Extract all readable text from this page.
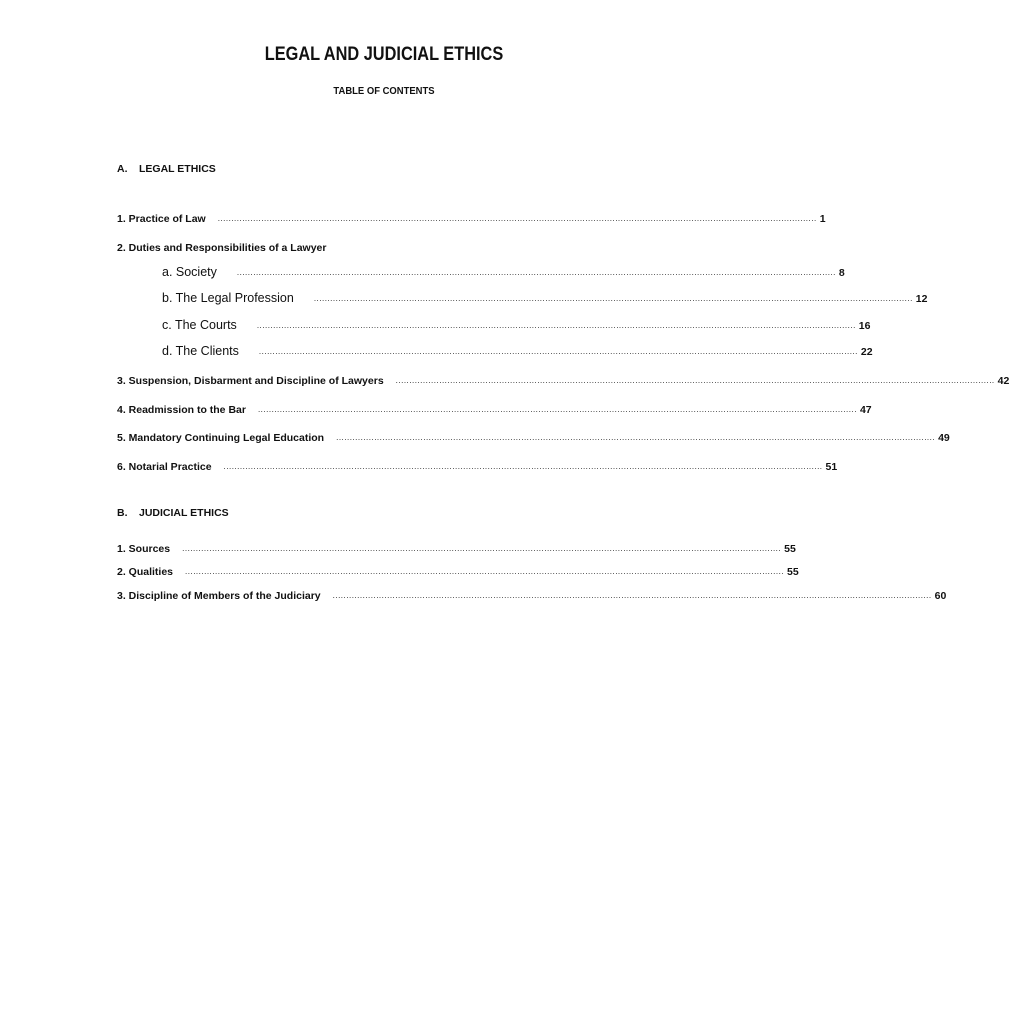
LEGAL AND JUDICIAL ETHICS
TABLE OF CONTENTS
A. LEGAL ETHICS
1. Practice of Law ............................................................................................................................................................................................................................ 1
2. Duties and Responsibilities of a Lawyer
a. Society	............................................................................................................................................................................................................................ 8
b. The Legal Profession	............................................................................................................................................................................................................................ 12
c. The Courts	............................................................................................................................................................................................................................ 16
d. The Clients	............................................................................................................................................................................................................................ 22
3. Suspension, Disbarment and Discipline of Lawyers ............................................................................................................................................................................................................................ 42
4. Readmission to the Bar ............................................................................................................................................................................................................................ 47
5. Mandatory Continuing Legal Education ............................................................................................................................................................................................................................ 49
6. Notarial Practice ............................................................................................................................................................................................................................ 51
B. JUDICIAL ETHICS
1. Sources ............................................................................................................................................................................................................................ 55
2. Qualities ............................................................................................................................................................................................................................ 55
3. Discipline of Members of the Judiciary ............................................................................................................................................................................................................................ 60
